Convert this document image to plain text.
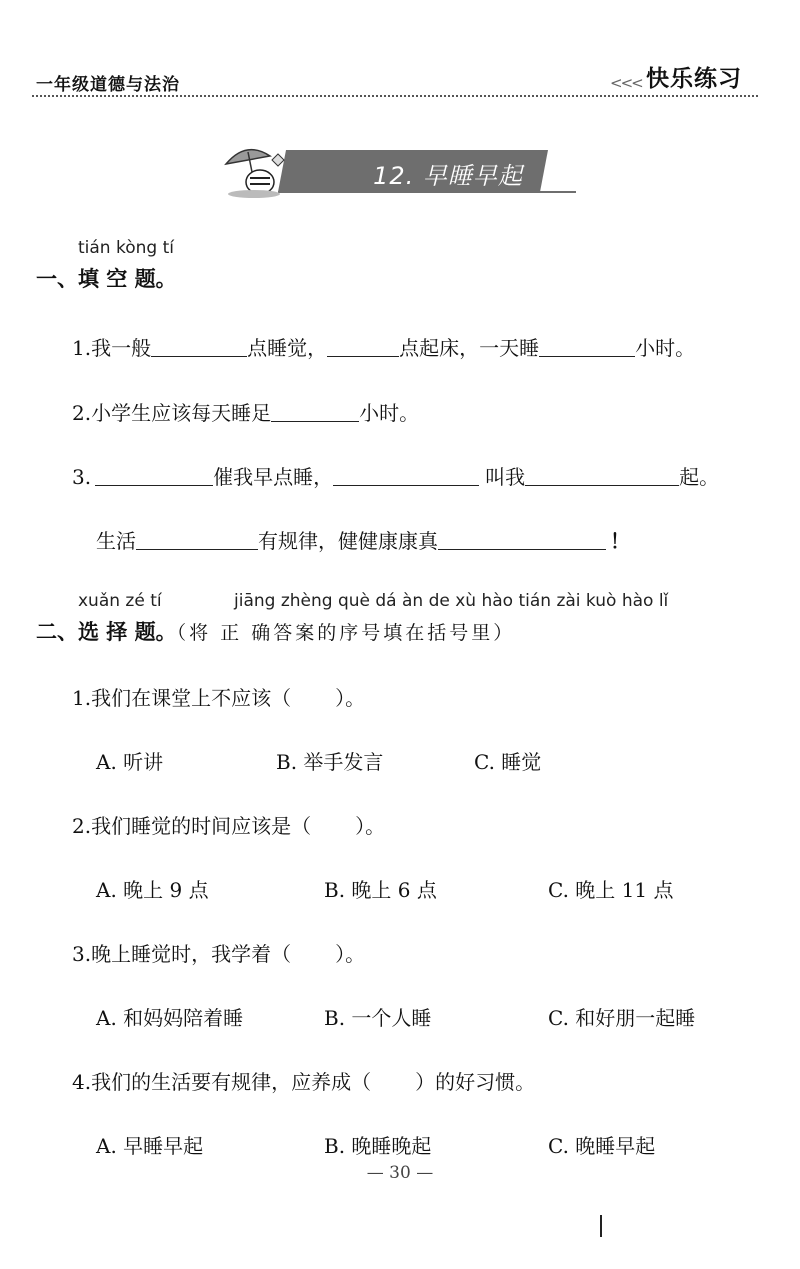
一年级道德与法治	<<< 快乐练习
12. 早睡早起
tián kòng tí
一、填 空 题。
1.我一般	点睡觉，	点起床，一天睡	小时。
2.小学生应该每天睡足	小时。
3.	催我早点睡，	叫我	起。
生活	有规律，健健康康真	！
xuǎn zé tí	jiāng zhèng què dá àn de xù hào tián zài kuò hào lǐ
二、选 择 题。（将 正 确答案的序号填在括号里）
1.我们在课堂上不应该（ ）。
A. 听讲	B. 举手发言	C. 睡觉
2.我们睡觉的时间应该是（ ）。
A. 晚上 9 点	B. 晚上 6 点	C. 晚上 11 点
3.晚上睡觉时，我学着（ ）。
A. 和妈妈陪着睡	B. 一个人睡	C. 和好朋一起睡
4.我们的生活要有规律，应养成（ ）的好习惯。
A. 早睡早起	B. 晚睡晚起	C. 晚睡早起
— 30 —
